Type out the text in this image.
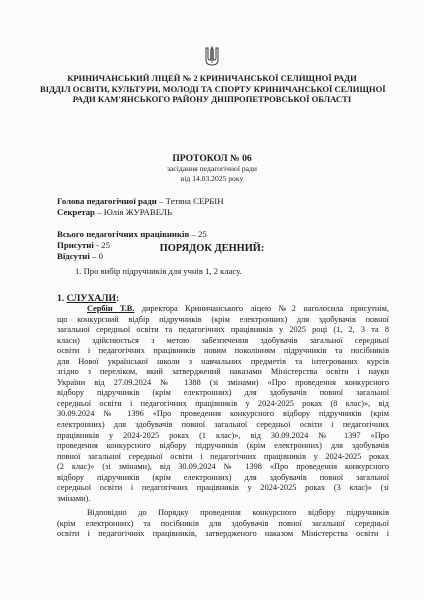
КРИНИЧАНСЬКИЙ ЛІЦЕЙ № 2 КРИНИЧАНСЬКОЇ СЕЛИЩНОЇ РАДИ
ВІДДІЛ ОСВІТИ, КУЛЬТУРИ, МОЛОДІ ТА СПОРТУ КРИНИЧАНСЬКОЇ СЕЛИЩНОЇ
РАДИ КАМ'ЯНСЬКОГО РАЙОНУ ДНІПРОПЕТРОВСЬКОЇ ОБЛАСТІ
ПРОТОКОЛ № 06
засідання педагогічної ради
від 14.03.2025 року
Голова педагогічної ради – Тетяна СЕРБІН
Секретар – Юлія ЖУРАВЕЛЬ
Всього педагогічних працівників – 25
ПОРЯДОК ДЕННИЙ:
1. Про вибір підручників для учнів 1, 2 класу.
1. СЛУХАЛИ:
Сербін Т.В. директора Криничанського ліцею №2 наголосила присутнім,
що конкурсний відбір підручників (крім електронних) для здобувачів повної
загальної середньої освіти та педагогічних працівників у 2025 році (1, 2, 3 та 8
класи) здійснюється з метою забезпечення здобувачів загальної середньої
освіти і педагогічних працівників новим поколінням підручників та посібників
для Нової української школи з навчальних предметів та інтегрованих курсів
згідно з переліком, який затверджений наказами Міністерства освіти і науки
України від 27.09.2024 № 1388 (зі змінами) «Про проведення конкурсного
відбору підручників (крім електронних) для здобувачів повної загальної
середньої освіти і педагогічних працівників у 2024-2025 роках (8 клас)», від
30.09.2024 № 1396 «Про проведення конкурсного відбору підручників (крім
електронних) для здобувачів повної загальної середньої освіти і педагогічних
працівників у 2024-2025 роках (1 клас)», від 30.09.2024 № 1397 «Про
проведення конкурсного відбору підручників (крім електронних) для здобувачів
повної загальної середньої освіти і педагогічних працівників у 2024-2025 роках
(2 клас)» (зі змінами), від 30.09.2024 № 1398 «Про проведення конкурсного
відбору підручників (крім електронних) для здобувачів повної загальної
середньої освіти і педагогічних працівників у 2024-2025 роках (3 клас)» (зі
змінами).
Відповідно до Порядку проведення конкурсного відбору підручників
(крім електронних) та посібників для здобувачів повної загальної середньої
освіти і педагогічних працівників, затвердженого наказом Міністерства освіти і
Присутні - 25
Відсутні – 0
